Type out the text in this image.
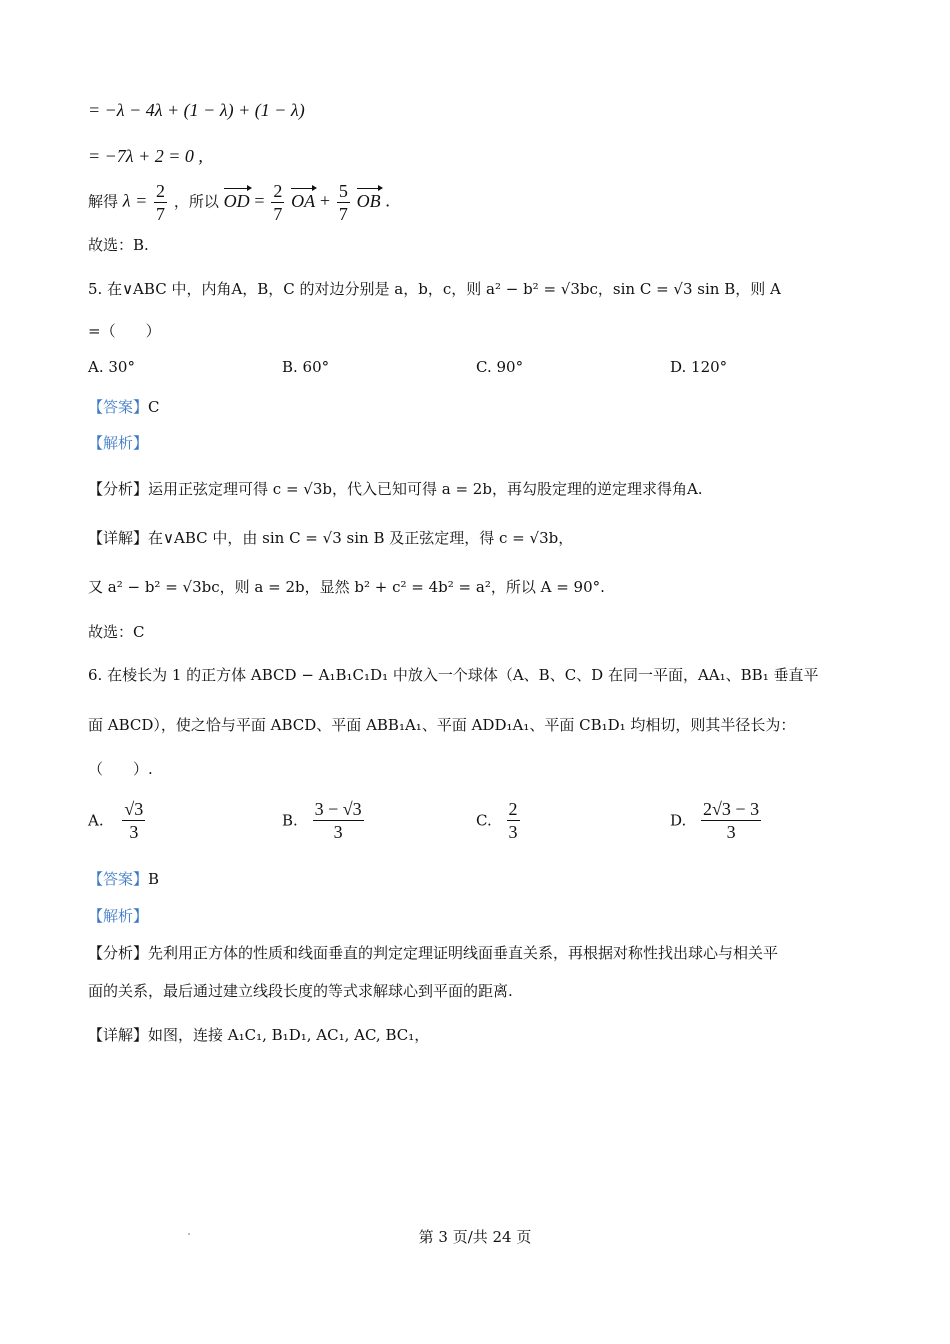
= −λ − 4λ + (1 − λ) + (1 − λ)
= −7λ + 2 = 0 ,
解得 $\lambda = \frac{2}{7}$ ，所以 OD = $\frac{2}{7}$ OA + $\frac{5}{7}$ OB .
故选：B.
5. 在∨ABC 中，内角A，B，C 的对边分别是 a，b，c，则 a² − b² = √3bc，sin C = √3 sin B，则 A
=（　　）
A. 30°	B. 60°	C. 90°	D. 120°
【答案】C
【解析】
【分析】运用正弦定理可得 c = √3b，代入已知可得 a = 2b，再勾股定理的逆定理求得角A.
【详解】在∨ABC 中，由 sin C = √3 sin B 及正弦定理，得 c = √3b，
又 a² − b² = √3bc，则 a = 2b，显然 b² + c² = 4b² = a²，所以 A = 90°.
故选：C
6. 在棱长为 1 的正方体 ABCD − A₁B₁C₁D₁ 中放入一个球体（A、B、C、D 在同一平面，AA₁、BB₁ 垂直平
面 ABCD），使之恰与平面 ABCD、平面 ABB₁A₁、平面 ADD₁A₁、平面 CB₁D₁ 均相切，则其半径长为：
（　　）.
A. $\frac{√3}{3}$	B. $\frac{3 - √3}{3}$	C. $\frac{2}{3}$	D. $\frac{2√3 - 3}{3}$
【答案】B
【解析】
【分析】先利用正方体的性质和线面垂直的判定定理证明线面垂直关系，再根据对称性找出球心与相关平
面的关系，最后通过建立线段长度的等式求解球心到平面的距离.
【详解】如图，连接 A₁C₁, B₁D₁, AC₁, AC, BC₁，
第 3 页/共 24 页
